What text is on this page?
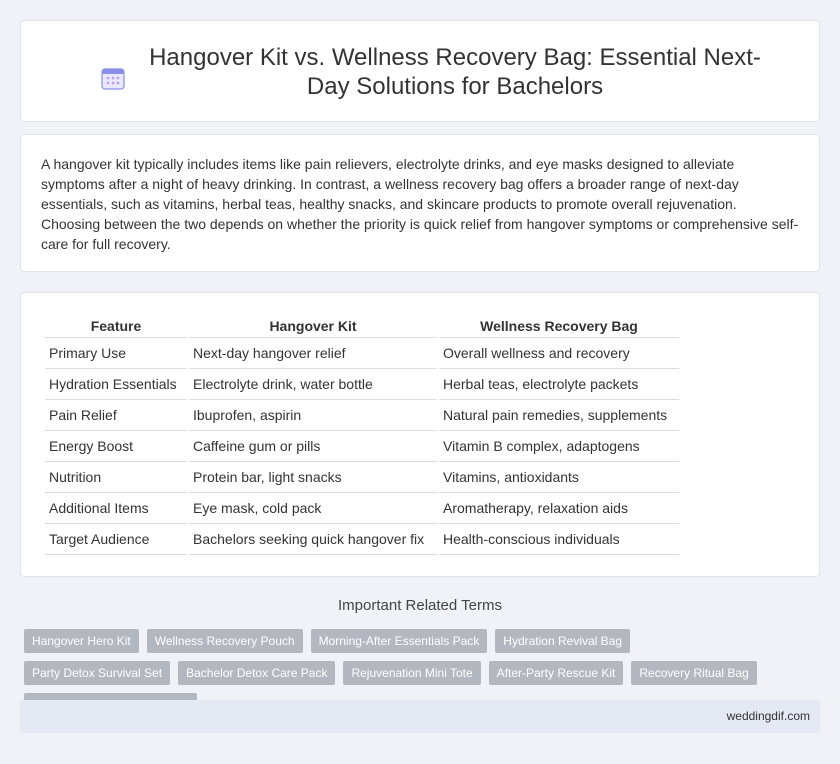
Hangover Kit vs. Wellness Recovery Bag: Essential Next-Day Solutions for Bachelors

A hangover kit typically includes items like pain relievers, electrolyte drinks, and eye masks designed to alleviate symptoms after a night of heavy drinking. In contrast, a wellness recovery bag offers a broader range of next-day essentials, such as vitamins, herbal teas, healthy snacks, and skincare products to promote overall rejuvenation. Choosing between the two depends on whether the priority is quick relief from hangover symptoms or comprehensive self-care for full recovery.

Feature	Hangover Kit	Wellness Recovery Bag
Primary Use	Next-day hangover relief	Overall wellness and recovery
Hydration Essentials	Electrolyte drink, water bottle	Herbal teas, electrolyte packets
Pain Relief	Ibuprofen, aspirin	Natural pain remedies, supplements
Energy Boost	Caffeine gum or pills	Vitamin B complex, adaptogens
Nutrition	Protein bar, light snacks	Vitamins, antioxidants
Additional Items	Eye mask, cold pack	Aromatherapy, relaxation aids
Target Audience	Bachelors seeking quick hangover fix	Health-conscious individuals
Important Related Terms
Hangover Hero Kit	Wellness Recovery Pouch	Morning-After Essentials Pack	Hydration Revival Bag
Party Detox Survival Set	Bachelor Detox Care Pack	Rejuvenation Mini Tote	After-Party Rescue Kit	Recovery Ritual Bag
weddingdif.com
